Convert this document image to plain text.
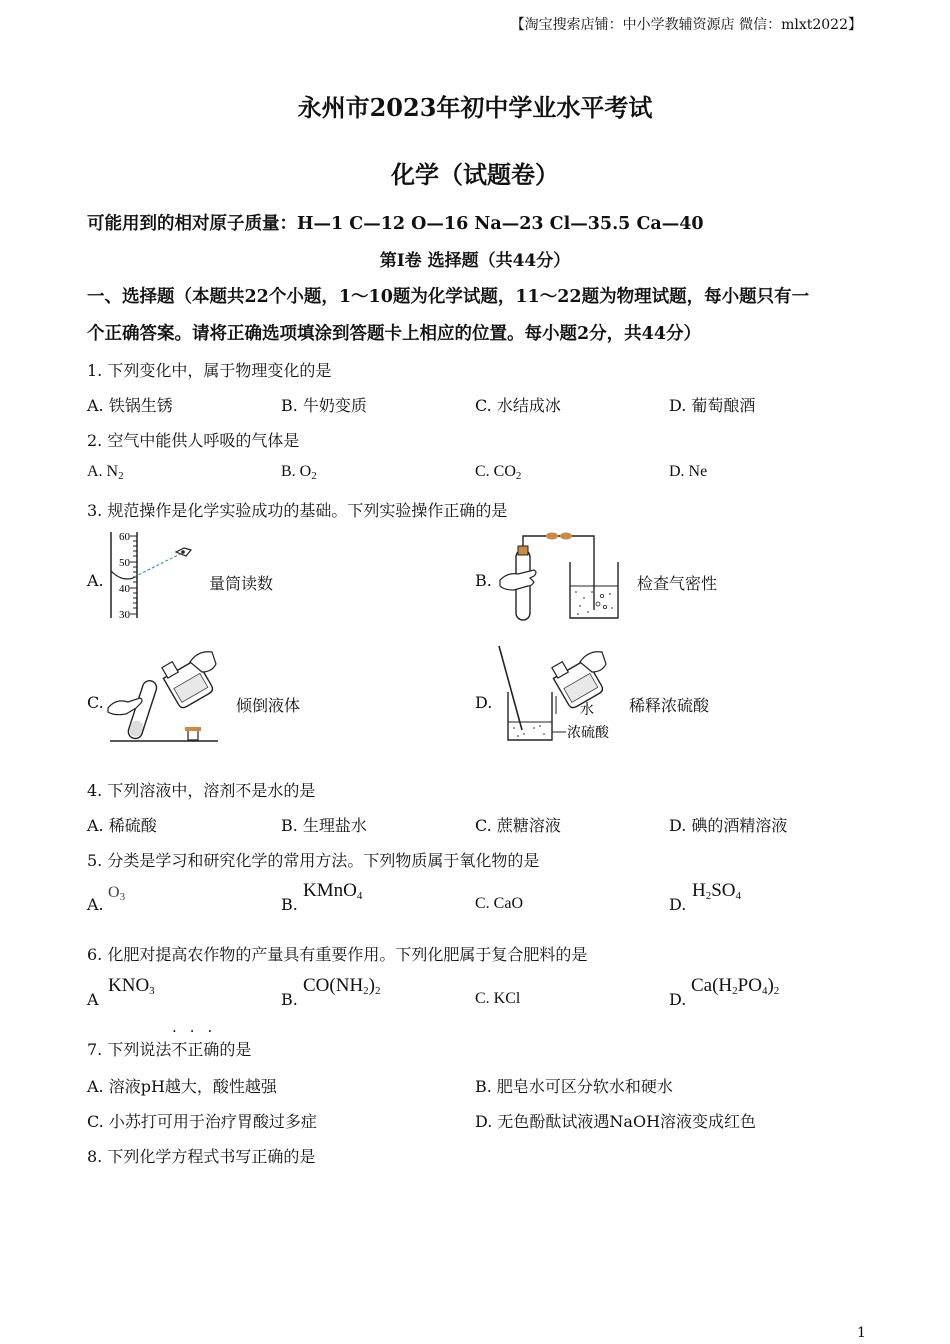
【淘宝搜索店铺：中小学教辅资源店 微信：mlxt2022】
永州市2023年初中学业水平考试
化学（试题卷）
可能用到的相对原子质量：H—1 C—12 O—16 Na—23 Cl—35.5 Ca—40
第Ⅰ卷 选择题（共44分）
一、选择题（本题共22个小题，1～10题为化学试题，11～22题为物理试题，每小题只有一
个正确答案。请将正确选项填涂到答题卡上相应的位置。每小题2分，共44分）
1. 下列变化中，属于物理变化的是
A. 铁锅生锈	B. 牛奶变质	C. 水结成冰	D. 葡萄酿酒
2. 空气中能供人呼吸的气体是
A. $N_2$	B. $O_2$	C. $CO_2$	D. Ne
3. 规范操作是化学实验成功的基础。下列实验操作正确的是
A.
60
50
40
30
量筒读数	B.	检查气密性
C.	倾倒液体	D.	水
浓硫酸
稀释浓硫酸
4. 下列溶液中，溶剂不是水的是
A. 稀硫酸	B. 生理盐水	C. 蔗糖溶液	D. 碘的酒精溶液
5. 分类是学习和研究化学的常用方法。下列物质属于氧化物的是
A.
$O_3$	B.
KMnO$_4$	C. CaO	D.
$H_2SO_4$
6. 化肥对提高农作物的产量具有重要作用。下列化肥属于复合肥料的是
A
$KNO_3$	B.
$CO(NH_2)_2$	C. KCl	D.
$Ca(H_2PO_4)_2$
···
7. 下列说法不正确的是
A. 溶液pH越大，酸性越强	B. 肥皂水可区分软水和硬水
C. 小苏打可用于治疗胃酸过多症	D. 无色酚酞试液遇NaOH溶液变成红色
8. 下列化学方程式书写正确的是
1
